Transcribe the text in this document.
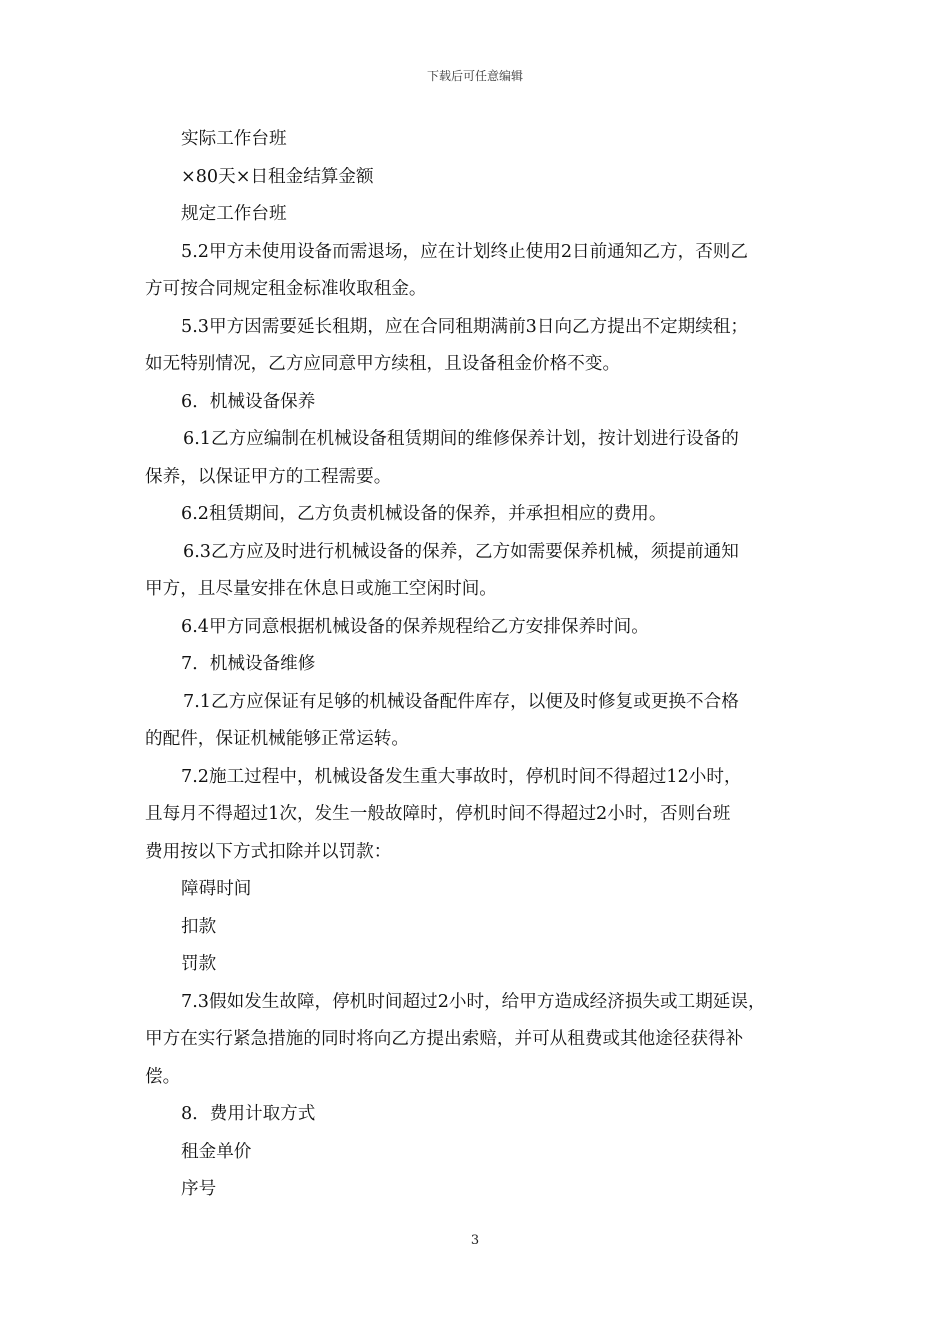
下载后可任意编辑
实际工作台班
×80天×日租金结算金额
规定工作台班
5.2甲方未使用设备而需退场，应在计划终止使用2日前通知乙方，否则乙
方可按合同规定租金标准收取租金。
5.3甲方因需要延长租期，应在合同租期满前3日向乙方提出不定期续租；
如无特别情况，乙方应同意甲方续租，且设备租金价格不变。
6．机械设备保养
6.1乙方应编制在机械设备租赁期间的维修保养计划，按计划进行设备的
保养，以保证甲方的工程需要。
6.2租赁期间，乙方负责机械设备的保养，并承担相应的费用。
6.3乙方应及时进行机械设备的保养，乙方如需要保养机械，须提前通知
甲方，且尽量安排在休息日或施工空闲时间。
6.4甲方同意根据机械设备的保养规程给乙方安排保养时间。
7．机械设备维修
7.1乙方应保证有足够的机械设备配件库存，以便及时修复或更换不合格
的配件，保证机械能够正常运转。
7.2施工过程中，机械设备发生重大事故时，停机时间不得超过12小时，
且每月不得超过1次，发生一般故障时，停机时间不得超过2小时，否则台班
费用按以下方式扣除并以罚款：
障碍时间
扣款
罚款
7.3假如发生故障，停机时间超过2小时，给甲方造成经济损失或工期延误，
甲方在实行紧急措施的同时将向乙方提出索赔，并可从租费或其他途径获得补
偿。
8．费用计取方式
租金单价
序号
3
